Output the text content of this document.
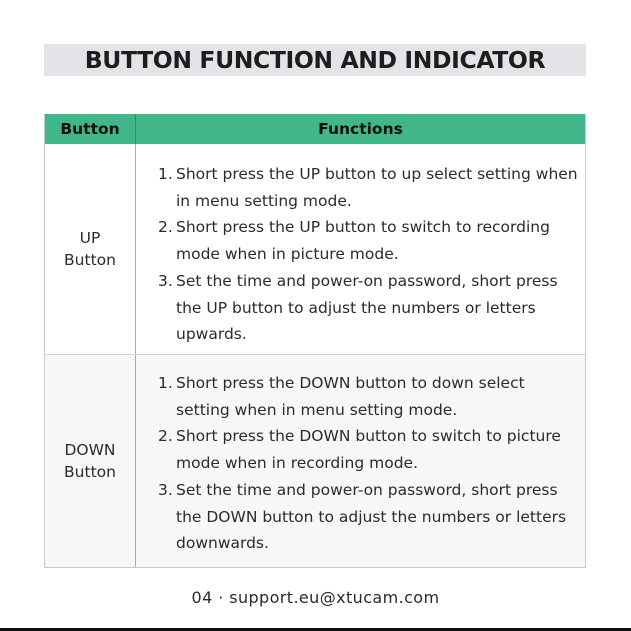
BUTTON FUNCTION AND INDICATOR
Button	Functions
UP
Button
1. Short press the UP button to up select setting when in menu setting mode.
2. Short press the UP button to switch to recording mode when in picture mode.
3. Set the time and power-on password, short press the UP button to adjust the numbers or letters upwards.
DOWN
Button
1. Short press the DOWN button to down select setting when in menu setting mode.
2. Short press the DOWN button to switch to picture mode when in recording mode.
3. Set the time and power-on password, short press the DOWN button to adjust the numbers or letters downwards.
04 · support.eu@xtucam.com
